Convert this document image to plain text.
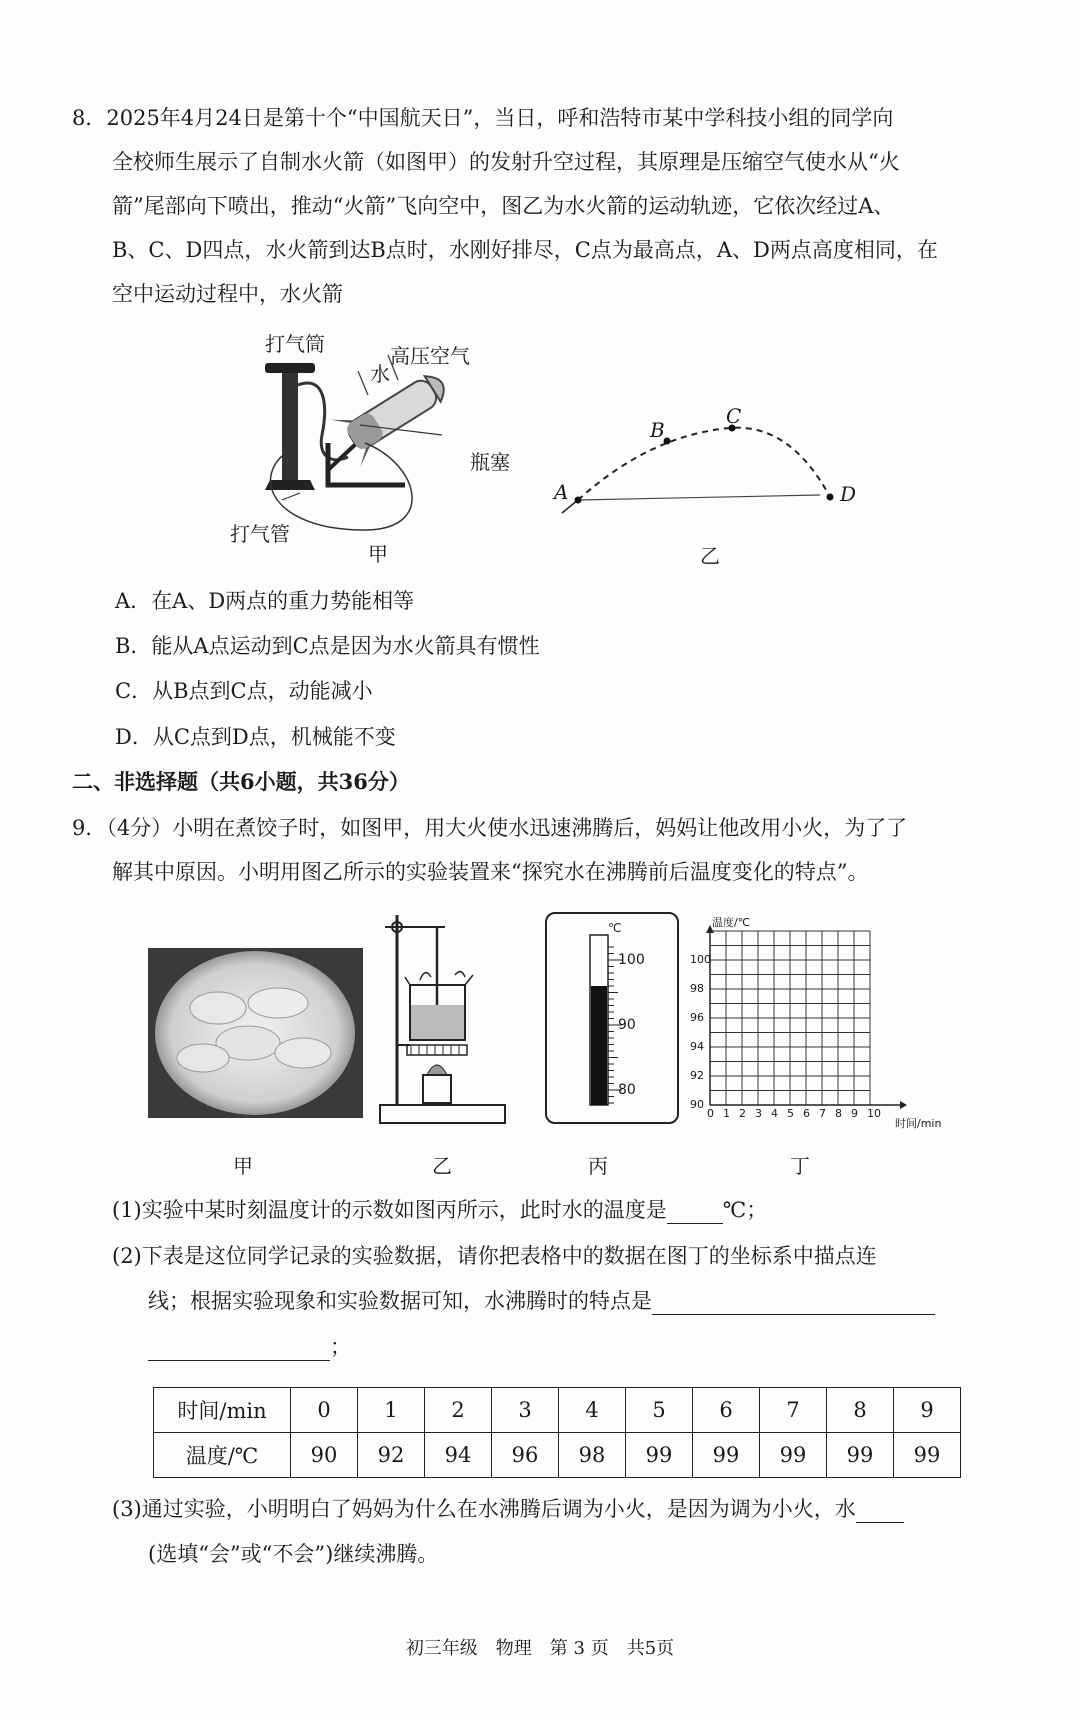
8．2025年4月24日是第十个“中国航天日”，当日，呼和浩特市某中学科技小组的同学向
全校师生展示了自制水火箭（如图甲）的发射升空过程，其原理是压缩空气使水从“火
箭”尾部向下喷出，推动“火箭”飞向空中，图乙为水火箭的运动轨迹，它依次经过A、
B、C、D四点，水火箭到达B点时，水刚好排尽，C点为最高点，A、D两点高度相同，在
空中运动过程中，水火箭
打气筒
水
高压空气
瓶塞
打气管
甲
A
B
C
D
乙
A．在A、D两点的重力势能相等
B．能从A点运动到C点是因为水火箭具有惯性
C．从B点到C点，动能减小
D．从C点到D点，机械能不变
二、非选择题（共6小题，共36分）
9．（4分）小明在煮饺子时，如图甲，用大火使水迅速沸腾后，妈妈让他改用小火，为了了
解其中原因。小明用图乙所示的实验装置来“探究水在沸腾前后温度变化的特点”。
℃
100
90
80
温度/℃
时间/min
100
98
96
94
92
90
0 1 2 3 4 5 6 7 8 9 10
甲	乙	丙	丁
(1)实验中某时刻温度计的示数如图丙所示，此时水的温度是	℃；
(2)下表是这位同学记录的实验数据，请你把表格中的数据在图丁的坐标系中描点连
线；根据实验现象和实验数据可知，水沸腾时的特点是
；
时间/min	0	1	2	3	4	5	6	7	8	9
温度/℃	90	92	94	96	98	99	99	99	99	99
(3)通过实验，小明明白了妈妈为什么在水沸腾后调为小火，是因为调为小火，水
(选填“会”或“不会”)继续沸腾。
初三年级　物理　第 3 页　共5页
